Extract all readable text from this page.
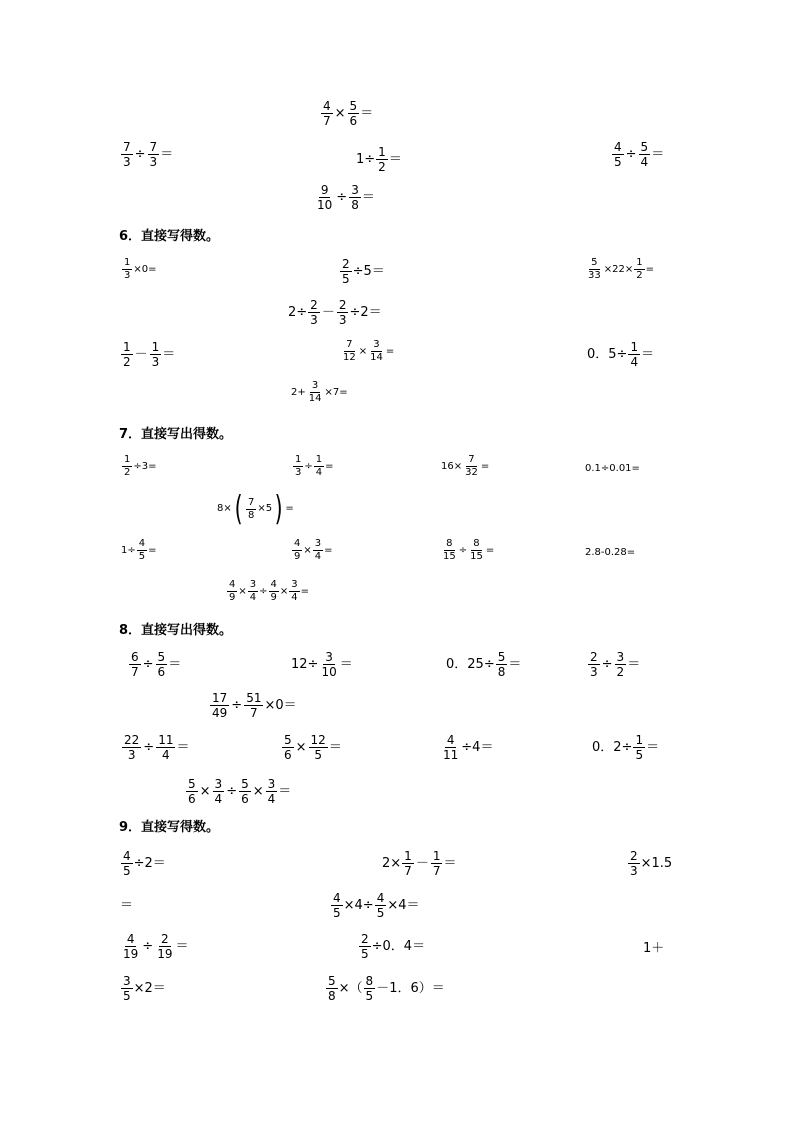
$\frac{4}{7} \times \frac{5}{6}$ ＝
$\frac{7}{3} \div \frac{7}{3}$ ＝	$1\div \frac{1}{2}$ ＝	$\frac{4}{5} \div \frac{5}{4}$ ＝
$\frac{9}{10} \div \frac{3}{8}$ ＝
6．直接写得数。
$\frac{1}{3} \times 0=$	$\frac{2}{5} \div 5=$	$\frac{5}{33} \times 22\times \frac{1}{2}$ =
$2\div \frac{2}{3} - \frac{2}{3} \div 2=$
$\frac{1}{2} - \frac{1}{3}$ ＝	$\frac{7}{12} \times \frac{3}{14}$ =	0．$5\div \frac{1}{4}$ ＝
$2+ \frac{3}{14} \times 7=$
7．直接写出得数。
$\frac{1}{2} \div 3=$	$\frac{1}{3} \div \frac{1}{4}$ =	$16\times \frac{7}{32}$ =	0.1÷0.01=
8× ( $\frac{7}{8} \times 5$ ) =
$1\div \frac{4}{5}$ =	$\frac{4}{9} \times \frac{3}{4}$ =	$\frac{8}{15} \div \frac{8}{15}$ =	2.8-0.28=
$\frac{4}{9} \times \frac{3}{4} \div \frac{4}{9} \times \frac{3}{4}$ =
8．直接写出得数。
$\frac{6}{7} \div \frac{5}{6}$ ＝	$12\div \frac{3}{10}$ ＝	0．$25\div \frac{5}{8}$ ＝	$\frac{2}{3} \div \frac{3}{2}$ ＝
$\frac{17}{49} \div \frac{51}{7} \times 0=$
$\frac{22}{3} \div \frac{11}{4}$ ＝	$\frac{5}{6} \times \frac{12}{5}$ ＝	$\frac{4}{11} \div 4=$	0．$2\div \frac{1}{5}$ ＝
$\frac{5}{6} \times \frac{3}{4} \div \frac{5}{6} \times \frac{3}{4}$ ＝
9．直接写得数。
$\frac{4}{5} \div 2=$	$2\times \frac{1}{7} - \frac{1}{7}$ ＝	$\frac{2}{3} \times 1.5$
＝	$\frac{4}{5} \times 4\div \frac{4}{5} \times 4=$
$\frac{4}{19} \div \frac{2}{19}$ ＝	$\frac{2}{5} \div 0$．4＝	1＋
$\frac{3}{5} \times 2=$	$\frac{5}{8}$ ×（ $\frac{8}{5} -1$．6）＝
